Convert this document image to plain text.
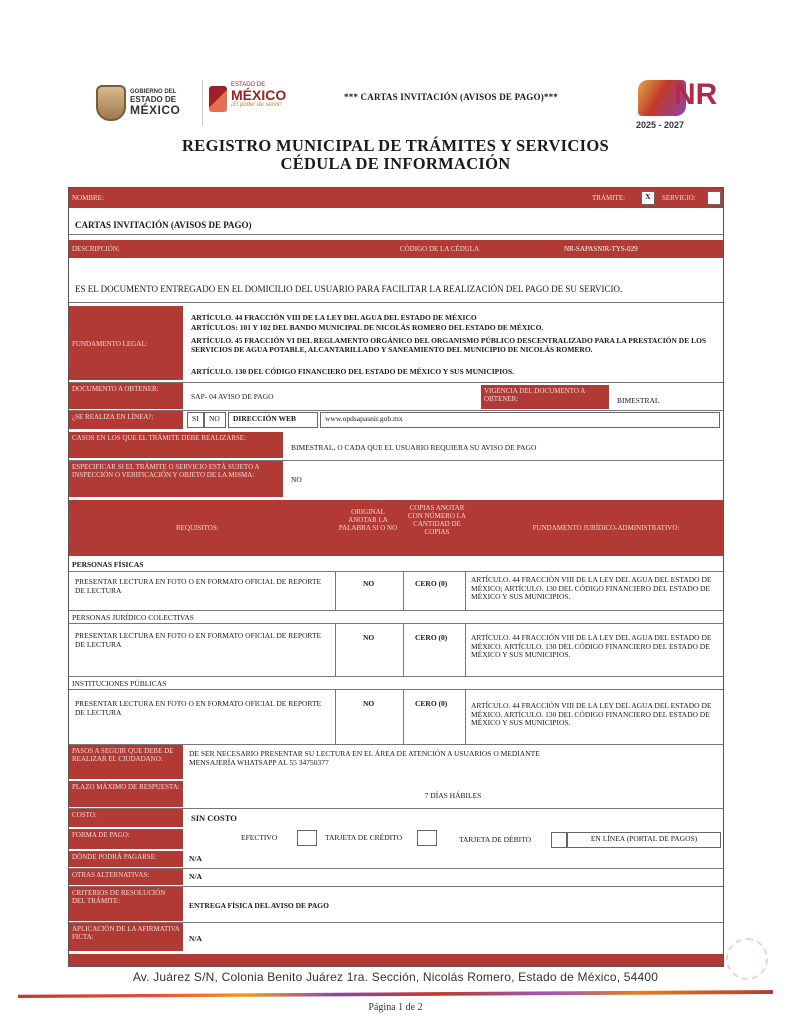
GOBIERNO DEL
ESTADO DE
MÉXICO
ESTADO DE
MÉXICO
¡El poder de servir!
*** CARTAS INVITACIÓN (AVISOS DE PAGO)***	NR
2025 - 2027
REGISTRO MUNICIPAL DE TRÁMITES Y SERVICIOS
CÉDULA DE INFORMACIÓN
NOMBRE:	TRÁMITE:	X	SERVICIO:
CARTAS INVITACIÓN (AVISOS DE PAGO)
DESCRIPCIÓN:	CÓDIGO DE LA CÉDULA	NR-SAPASNIR-TYS-029
ES EL DOCUMENTO ENTREGADO EN EL DOMICILIO DEL USUARIO PARA FACILITAR LA REALIZACIÓN DEL PAGO DE SU SERVICIO.
FUNDAMENTO LEGAL:
ARTÍCULO. 44 FRACCIÓN VIII DE LA LEY DEL AGUA DEL ESTADO DE MÉXICO
ARTÍCULOS: 101 Y 102 DEL BANDO MUNICIPAL DE NICOLÁS ROMERO DEL ESTADO DE MÉXICO.
ARTÍCULO. 45 FRACCIÓN VI DEL REGLAMENTO ORGÁNICO DEL ORGANISMO PÚBLICO DESCENTRALIZADO PARA LA PRESTACIÓN DE LOS SERVICIOS DE AGUA POTABLE, ALCANTARILLADO Y SANEAMIENTO DEL MUNICIPIO DE NICOLÁS ROMERO.
ARTÍCULO. 130 DEL CÓDIGO FINANCIERO DEL ESTADO DE MÉXICO Y SUS MUNICIPIOS.
DOCUMENTO A OBTENER:
SAP- 04 AVISO DE PAGO
VIGENCIA DEL DOCUMENTO A OBTENER:	BIMESTRAL
¿SE REALIZA EN LÍNEA?:	SI	NO	DIRECCIÓN WEB	www.opdsapasnir.gob.mx
CASOS EN LOS QUE EL TRÁMITE DEBE REALIZARSE:
BIMESTRAL, O CADA QUE EL USUARIO REQUIERA SU AVISO DE PAGO
ESPECIFICAR SI EL TRÁMITE O SERVICIO ESTÁ SUJETO A INSPECCIÓN O VERIFICACIÓN Y OBJETO DE LA MISMA:	NO
REQUISITOS:
ORIGINAL ANOTAR LA PALABRA SI O NO
COPIAS ANOTAR CON NÚMERO LA CANTIDAD DE COPIAS
FUNDAMENTO JURÍDICO-ADMINISTRATIVO:
PERSONAS FÍSICAS
PRESENTAR LECTURA EN FOTO O EN FORMATO OFICIAL DE REPORTE DE LECTURA
NO	CERO (0)	ARTÍCULO. 44 FRACCIÓN VIII DE LA LEY DEL AGUA DEL ESTADO DE MÉXICO; ARTÍCULO. 130 DEL CÓDIGO FINANCIERO DEL ESTADO DE MÉXICO Y SUS MUNICIPIOS.
PERSONAS JURÍDICO COLECTIVAS
PRESENTAR LECTURA EN FOTO O EN FORMATO OFICIAL DE REPORTE DE LECTURA
NO	CERO (0)	ARTÍCULO. 44 FRACCIÓN VIII DE LA LEY DEL AGUA DEL ESTADO DE MÉXICO. ARTÍCULO. 130 DEL CÓDIGO FINANCIERO DEL ESTADO DE MÉXICO Y SUS MUNICIPIOS.
INSTITUCIONES PÚBLICAS
PRESENTAR LECTURA EN FOTO O EN FORMATO OFICIAL DE REPORTE DE LECTURA
NO	CERO (0)	ARTÍCULO. 44 FRACCIÓN VIII DE LA LEY DEL AGUA DEL ESTADO DE MÉXICO. ARTÍCULO. 130 DEL CÓDIGO FINANCIERO DEL ESTADO DE MÉXICO Y SUS MUNICIPIOS.
PASOS A SEGUIR QUE DEBE DE REALIZAR EL CIUDADANO:
DE SER NECESARIO PRESENTAR SU LECTURA EN EL ÁREA DE ATENCIÓN A USUARIOS O MEDIANTE MENSAJERÍA WHATSAPP AL 55 34750377
PLAZO MÁXIMO DE RESPUESTA:
7 DÍAS HÁBILES
COSTO:	SIN COSTO
FORMA DE PAGO:	EFECTIVO	TARJETA DE CRÉDITO	TARJETA DE DÉBITO	EN LÍNEA (PORTAL DE PAGOS)
DÓNDE PODRÁ PAGARSE:	N/A
OTRAS ALTERNATIVAS:	N/A
CRITERIOS DE RESOLUCIÓN DEL TRÁMITE:	ENTREGA FÍSICA DEL AVISO DE PAGO
APLICACIÓN DE LA AFIRMATIVA FICTA:	N/A
Av. Juárez S/N, Colonia Benito Juárez 1ra. Sección, Nicolás Romero, Estado de México, 54400
Página 1 de 2
